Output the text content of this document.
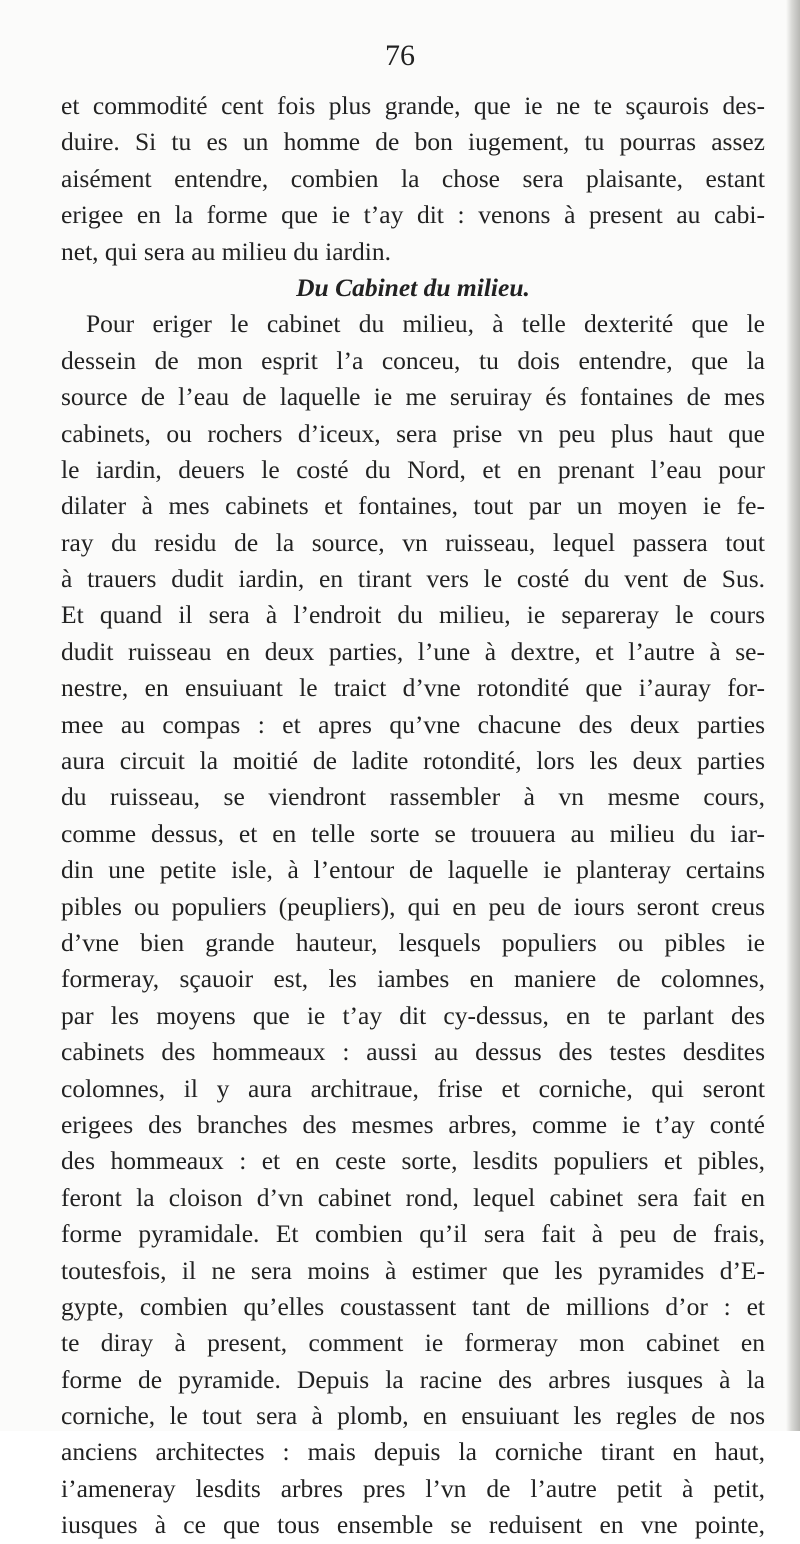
76
et commodité cent fois plus grande, que ie ne te sçaurois des-
duire. Si tu es un homme de bon iugement, tu pourras assez
aisément entendre, combien la chose sera plaisante, estant
erigee en la forme que ie t’ay dit : venons à present au cabi-
net, qui sera au milieu du iardin.
Du Cabinet du milieu.
Pour eriger le cabinet du milieu, à telle dexterité que le
dessein de mon esprit l’a conceu, tu dois entendre, que la
source de l’eau de laquelle ie me seruiray és fontaines de mes
cabinets, ou rochers d’iceux, sera prise vn peu plus haut que
le iardin, deuers le costé du Nord, et en prenant l’eau pour
dilater à mes cabinets et fontaines, tout par un moyen ie fe-
ray du residu de la source, vn ruisseau, lequel passera tout
à trauers dudit iardin, en tirant vers le costé du vent de Sus.
Et quand il sera à l’endroit du milieu, ie separeray le cours
dudit ruisseau en deux parties, l’une à dextre, et l’autre à se-
nestre, en ensuiuant le traict d’vne rotondité que i’auray for-
mee au compas : et apres qu’vne chacune des deux parties
aura circuit la moitié de ladite rotondité, lors les deux parties
du ruisseau, se viendront rassembler à vn mesme cours,
comme dessus, et en telle sorte se trouuera au milieu du iar-
din une petite isle, à l’entour de laquelle ie planteray certains
pibles ou populiers (peupliers), qui en peu de iours seront creus
d’vne bien grande hauteur, lesquels populiers ou pibles ie
formeray, sçauoir est, les iambes en maniere de colomnes,
par les moyens que ie t’ay dit cy-dessus, en te parlant des
cabinets des hommeaux : aussi au dessus des testes desdites
colomnes, il y aura architraue, frise et corniche, qui seront
erigees des branches des mesmes arbres, comme ie t’ay conté
des hommeaux : et en ceste sorte, lesdits populiers et pibles,
feront la cloison d’vn cabinet rond, lequel cabinet sera fait en
forme pyramidale. Et combien qu’il sera fait à peu de frais,
toutesfois, il ne sera moins à estimer que les pyramides d’E-
gypte, combien qu’elles coustassent tant de millions d’or : et
te diray à present, comment ie formeray mon cabinet en
forme de pyramide. Depuis la racine des arbres iusques à la
corniche, le tout sera à plomb, en ensuiuant les regles de nos
anciens architectes : mais depuis la corniche tirant en haut,
i’ameneray lesdits arbres pres l’vn de l’autre petit à petit,
iusques à ce que tous ensemble se reduisent en vne pointe,
